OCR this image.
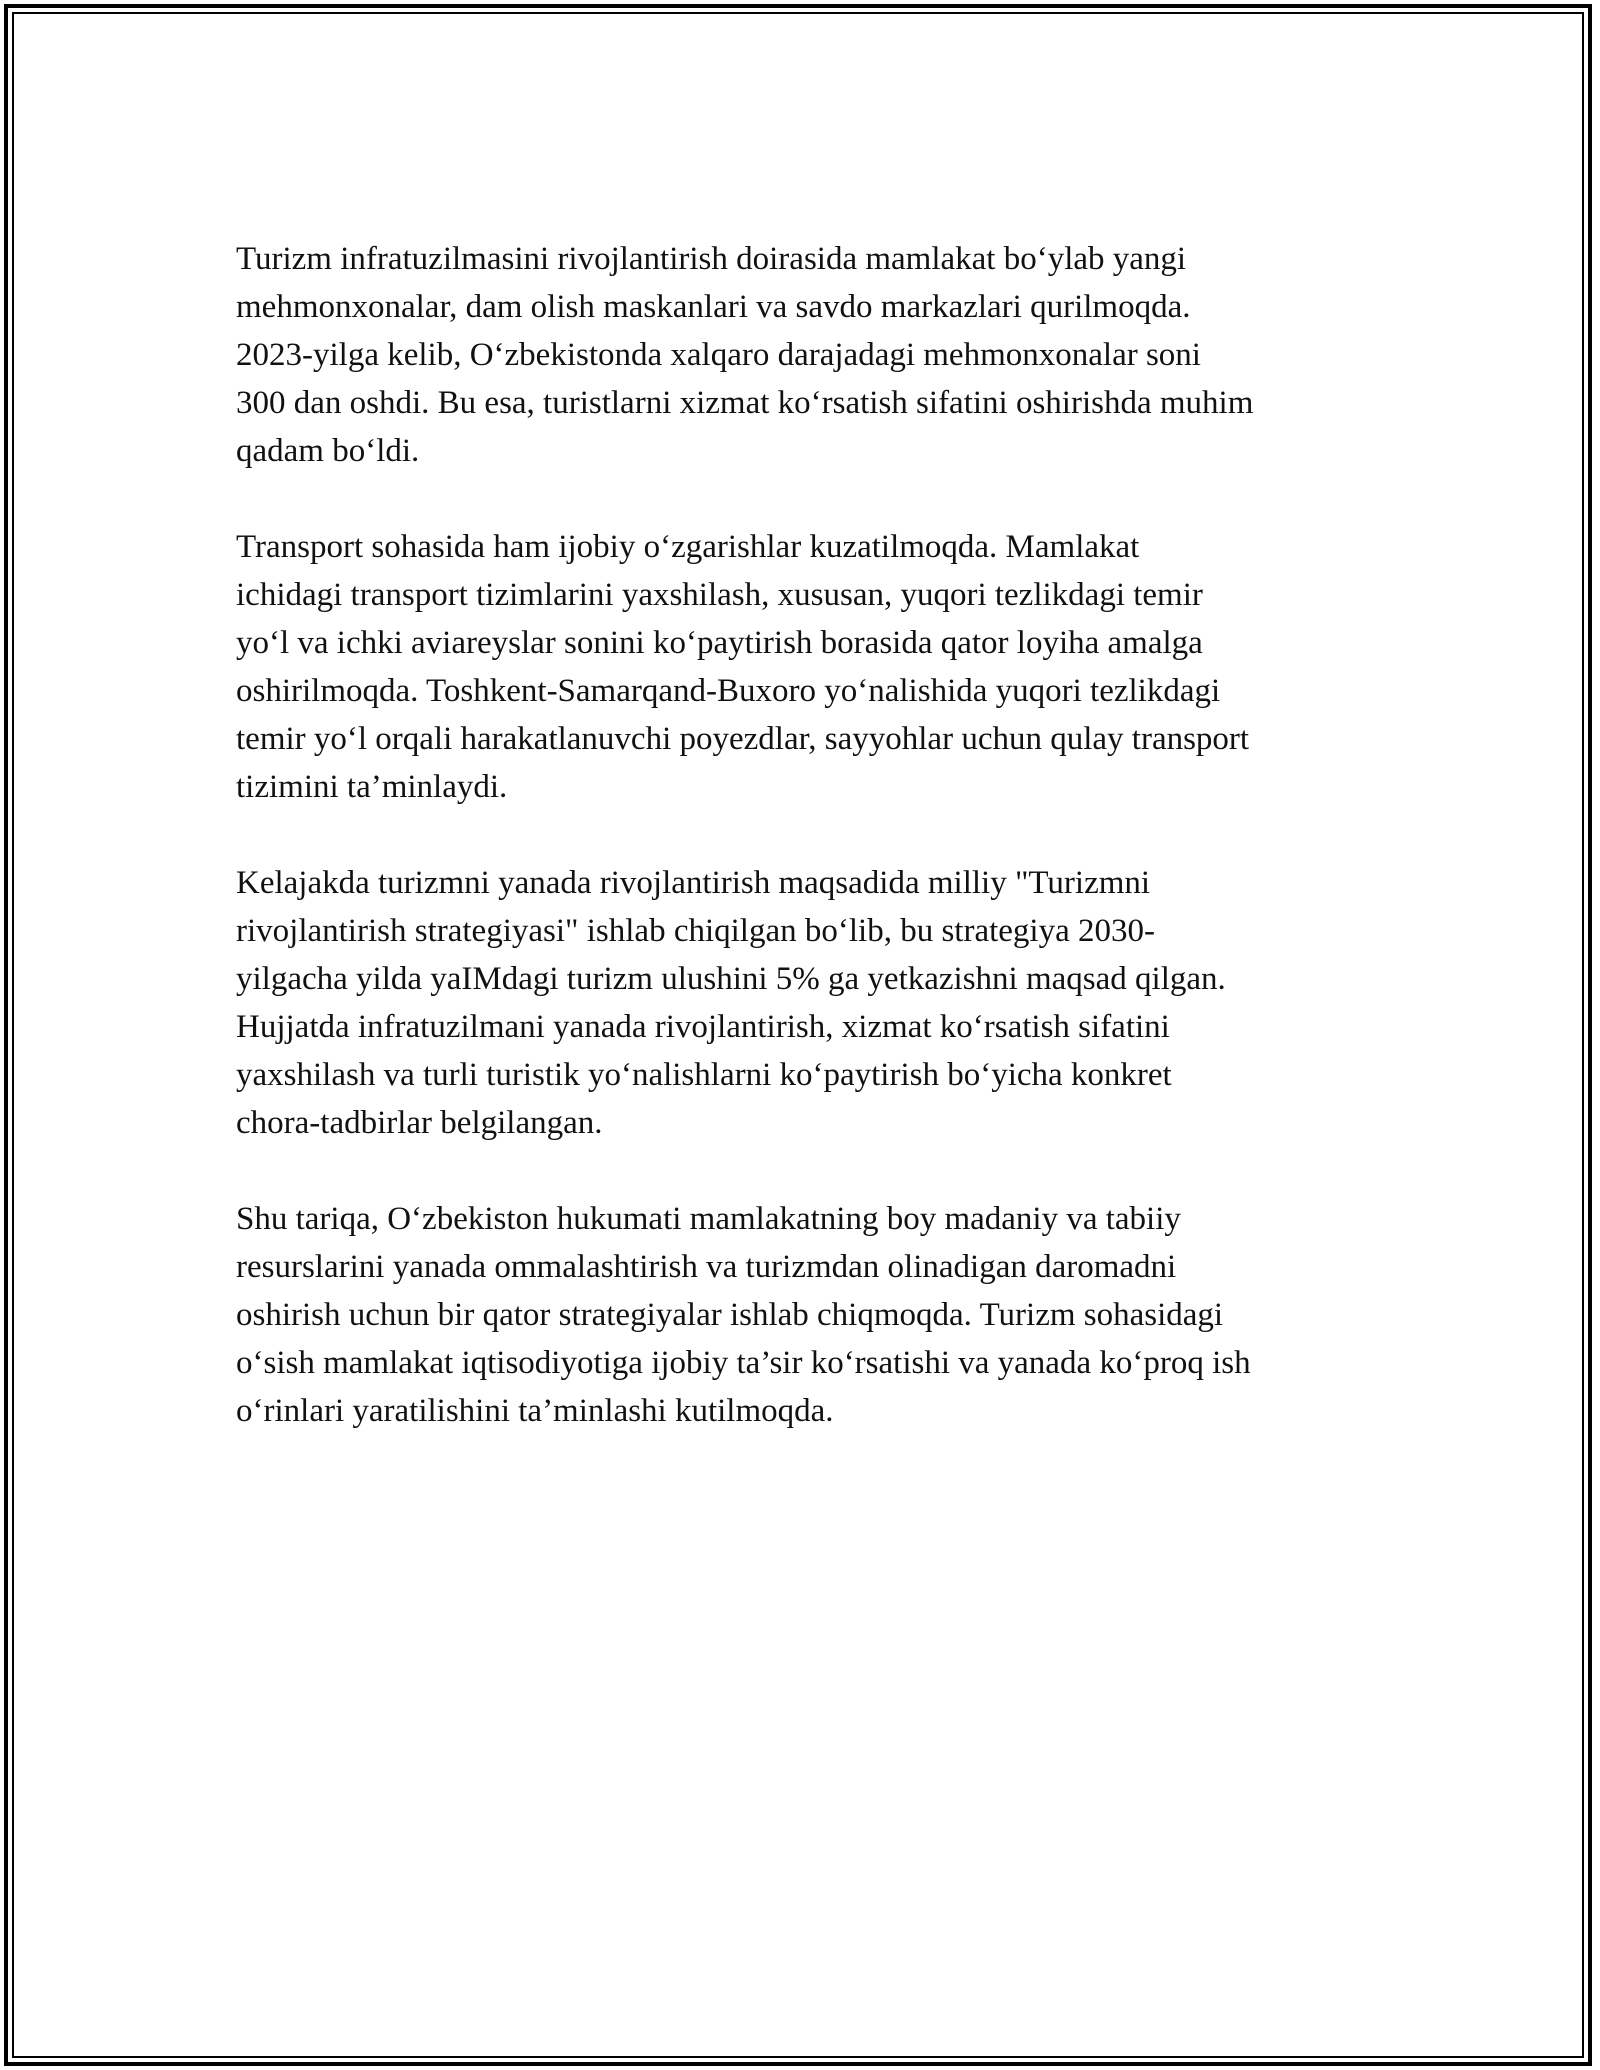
Turizm infratuzilmasini rivojlantirish doirasida mamlakat bo‘ylab yangi
mehmonxonalar, dam olish maskanlari va savdo markazlari qurilmoqda.
2023-yilga kelib, O‘zbekistonda xalqaro darajadagi mehmonxonalar soni
300 dan oshdi. Bu esa, turistlarni xizmat ko‘rsatish sifatini oshirishda muhim
qadam bo‘ldi.

Transport sohasida ham ijobiy o‘zgarishlar kuzatilmoqda. Mamlakat
ichidagi transport tizimlarini yaxshilash, xususan, yuqori tezlikdagi temir
yo‘l va ichki aviareyslar sonini ko‘paytirish borasida qator loyiha amalga
oshirilmoqda. Toshkent-Samarqand-Buxoro yo‘nalishida yuqori tezlikdagi
temir yo‘l orqali harakatlanuvchi poyezdlar, sayyohlar uchun qulay transport
tizimini ta’minlaydi.

Kelajakda turizmni yanada rivojlantirish maqsadida milliy "Turizmni
rivojlantirish strategiyasi" ishlab chiqilgan bo‘lib, bu strategiya 2030-
yilgacha yilda yaIMdagi turizm ulushini 5% ga yetkazishni maqsad qilgan.
Hujjatda infratuzilmani yanada rivojlantirish, xizmat ko‘rsatish sifatini
yaxshilash va turli turistik yo‘nalishlarni ko‘paytirish bo‘yicha konkret
chora-tadbirlar belgilangan.

Shu tariqa, O‘zbekiston hukumati mamlakatning boy madaniy va tabiiy
resurslarini yanada ommalashtirish va turizmdan olinadigan daromadni
oshirish uchun bir qator strategiyalar ishlab chiqmoqda. Turizm sohasidagi
o‘sish mamlakat iqtisodiyotiga ijobiy ta’sir ko‘rsatishi va yanada ko‘proq ish
o‘rinlari yaratilishini ta’minlashi kutilmoqda.
